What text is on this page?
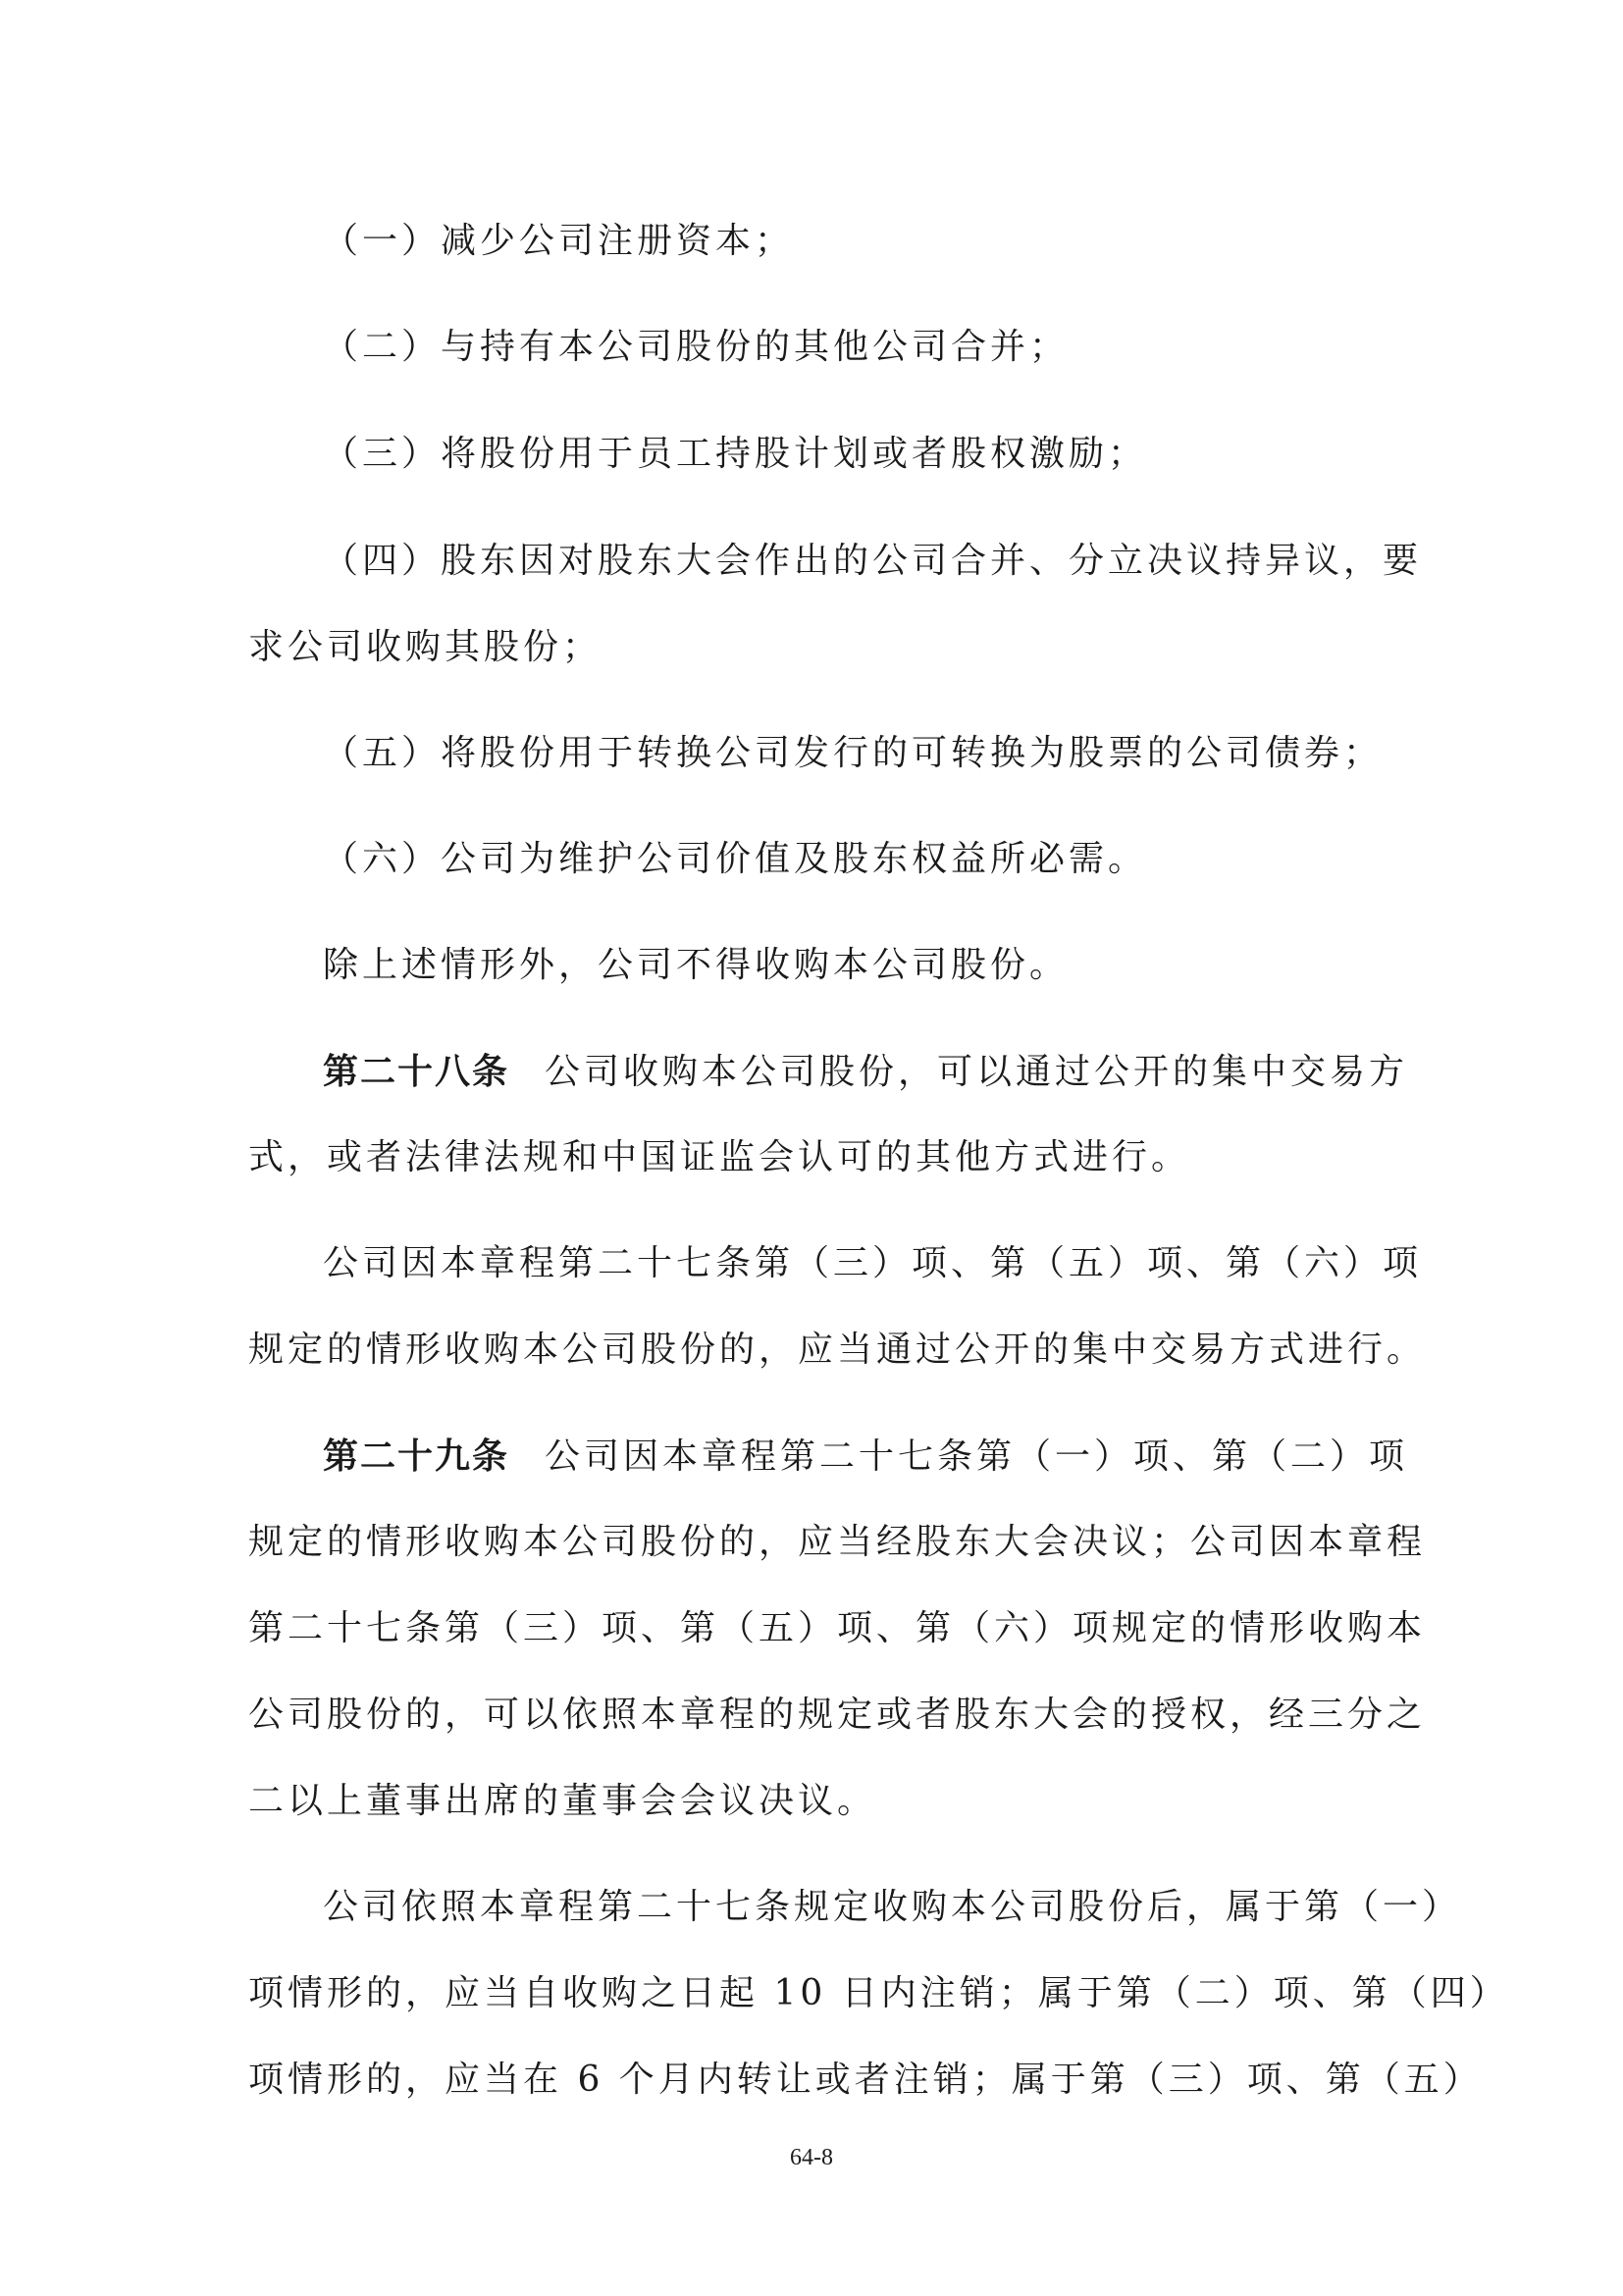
（一）减少公司注册资本；
（二）与持有本公司股份的其他公司合并；
（三）将股份用于员工持股计划或者股权激励；
（四）股东因对股东大会作出的公司合并、分立决议持异议，要
求公司收购其股份；
（五）将股份用于转换公司发行的可转换为股票的公司债券；
（六）公司为维护公司价值及股东权益所必需。
除上述情形外，公司不得收购本公司股份。
第二十八条 公司收购本公司股份，可以通过公开的集中交易方
式，或者法律法规和中国证监会认可的其他方式进行。
公司因本章程第二十七条第（三）项、第（五）项、第（六）项
规定的情形收购本公司股份的，应当通过公开的集中交易方式进行。
第二十九条 公司因本章程第二十七条第（一）项、第（二）项
规定的情形收购本公司股份的，应当经股东大会决议；公司因本章程
第二十七条第（三）项、第（五）项、第（六）项规定的情形收购本
公司股份的，可以依照本章程的规定或者股东大会的授权，经三分之
二以上董事出席的董事会会议决议。
公司依照本章程第二十七条规定收购本公司股份后，属于第（一）
项情形的，应当自收购之日起 10 日内注销；属于第（二）项、第（四）
项情形的，应当在 6 个月内转让或者注销；属于第（三）项、第（五）
64-8
